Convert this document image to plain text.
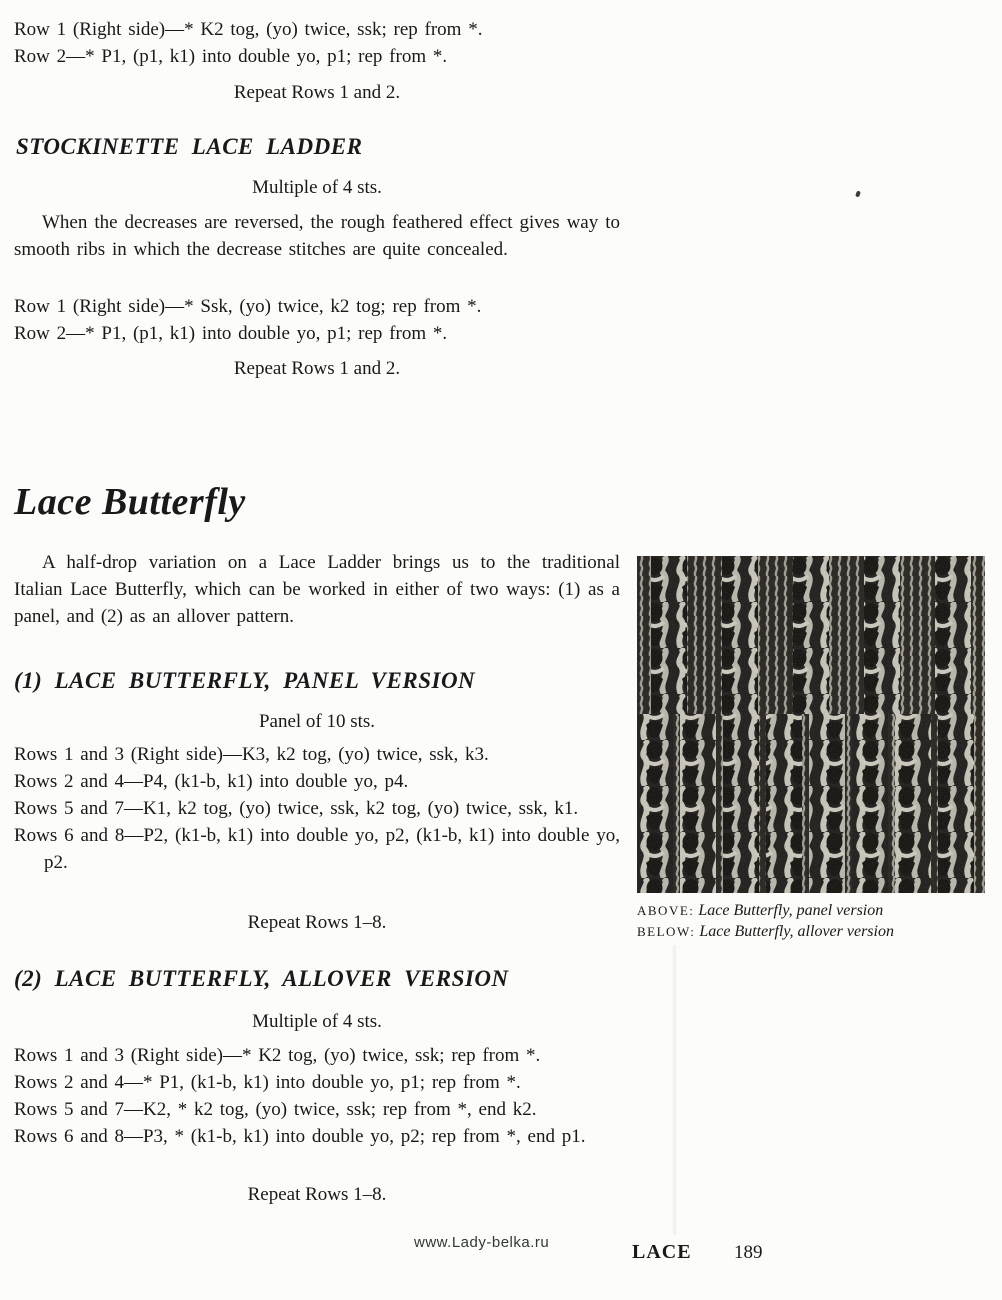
Row 1 (Right side)—* K2 tog, (yo) twice, ssk; rep from *.
Row 2—* P1, (p1, k1) into double yo, p1; rep from *.
Repeat Rows 1 and 2.
STOCKINETTE LACE LADDER
Multiple of 4 sts.
When the decreases are reversed, the rough feathered effect gives way to smooth ribs in which the decrease stitches are quite concealed.
Row 1 (Right side)—* Ssk, (yo) twice, k2 tog; rep from *.
Row 2—* P1, (p1, k1) into double yo, p1; rep from *.
Repeat Rows 1 and 2.
Lace Butterfly
A half-drop variation on a Lace Ladder brings us to the traditional Italian Lace Butterfly, which can be worked in either of two ways: (1) as a panel, and (2) as an allover pattern.
(1) LACE BUTTERFLY, PANEL VERSION
Panel of 10 sts.
Rows 1 and 3 (Right side)—K3, k2 tog, (yo) twice, ssk, k3.
Rows 2 and 4—P4, (k1-b, k1) into double yo, p4.
Rows 5 and 7—K1, k2 tog, (yo) twice, ssk, k2 tog, (yo) twice, ssk, k1.
Rows 6 and 8—P2, (k1-b, k1) into double yo, p2, (k1-b, k1) into double yo, p2.
Repeat Rows 1–8.
(2) LACE BUTTERFLY, ALLOVER VERSION
Multiple of 4 sts.
Rows 1 and 3 (Right side)—* K2 tog, (yo) twice, ssk; rep from *.
Rows 2 and 4—* P1, (k1-b, k1) into double yo, p1; rep from *.
Rows 5 and 7—K2, * k2 tog, (yo) twice, ssk; rep from *, end k2.
Rows 6 and 8—P3, * (k1-b, k1) into double yo, p2; rep from *, end p1.
Repeat Rows 1–8.
ABOVE: Lace Butterfly, panel version
BELOW: Lace Butterfly, allover version
www.Lady-belka.ru	LACE 189
